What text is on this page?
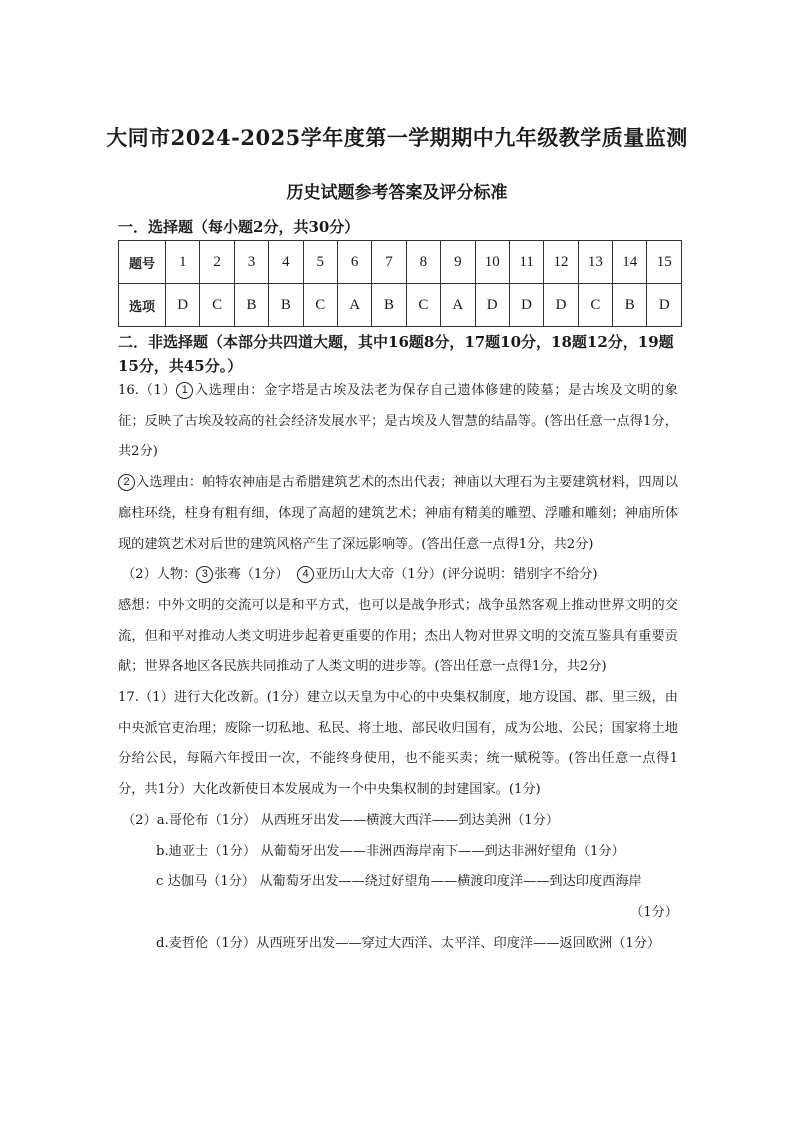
大同市2024-2025学年度第一学期期中九年级教学质量监测
历史试题参考答案及评分标准
一．选择题（每小题2分，共30分）
题号	1	2	3	4	5	6	7	8	9	10	11	12	13	14	15
选项	D	C	B	B	C	A	B	C	A	D	D	D	C	B	D
二．非选择题（本部分共四道大题，其中16题8分，17题10分，18题12分，19题15分，共45分。）

16.（1） 1 入选理由：金字塔是古埃及法老为保存自己遗体修建的陵墓；是古埃及文明的象征；反映了古埃及较高的社会经济发展水平；是古埃及人智慧的结晶等。(答出任意一点得1分，共2分)

2 入选理由：帕特农神庙是古希腊建筑艺术的杰出代表；神庙以大理石为主要建筑材料，四周以廊柱环绕，柱身有粗有细，体现了高超的建筑艺术；神庙有精美的雕塑、浮雕和雕刻；神庙所体现的建筑艺术对后世的建筑风格产生了深远影响等。(答出任意一点得1分，共2分)

（2）人物： 3 张骞（1分） 4 亚历山大大帝（1分）(评分说明：错别字不给分)

感想：中外文明的交流可以是和平方式，也可以是战争形式；战争虽然客观上推动世界文明的交流，但和平对推动人类文明进步起着更重要的作用；杰出人物对世界文明的交流互鉴具有重要贡献；世界各地区各民族共同推动了人类文明的进步等。(答出任意一点得1分，共2分)

17.（1）进行大化改新。(1分）建立以天皇为中心的中央集权制度，地方设国、郡、里三级，由中央派官吏治理；废除一切私地、私民、将土地、部民收归国有，成为公地、公民；国家将土地分给公民，每隔六年授田一次，不能终身使用，也不能买卖；统一赋税等。(答出任意一点得1分，共1分）大化改新使日本发展成为一个中央集权制的封建国家。(1分)

（2）a.哥伦布（1分） 从西班牙出发——横渡大西洋——到达美洲（1分）

b.迪亚士（1分） 从葡萄牙出发——非洲西海岸南下——到达非洲好望角（1分）

c 达伽马（1分） 从葡萄牙出发——绕过好望角——横渡印度洋——到达印度西海岸

（1分）

d.麦哲伦（1分）从西班牙出发——穿过大西洋、太平洋、印度洋——返回欧洲（1分）
